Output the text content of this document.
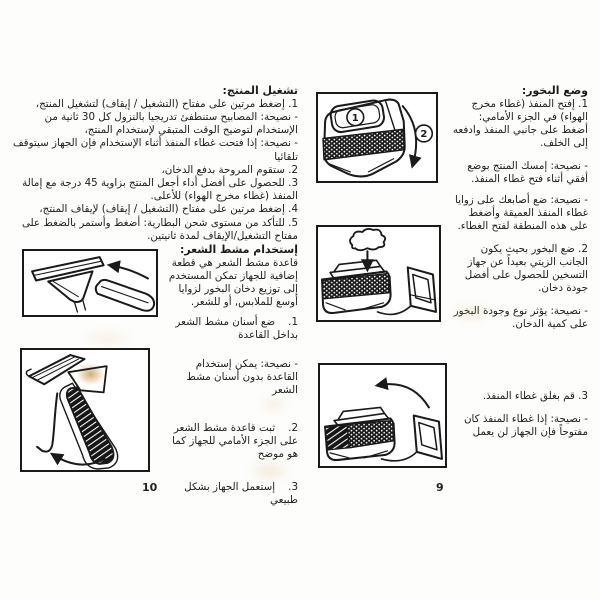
تشغيل المنتج:

1. إضغط مرتين على مفتاح (التشغيل / إيقاف) لتشغيل المنتج،

- نصيحة: المصابيح ستنطفئ تدريجيا بالنزول كل 30 ثانية من الإستخدام لتوضيح الوقت المتبقي لإستخدام المنتج،

- نصيحة: إذا فتحت غطاء المنفذ أثناء الإستخدام فإن الجهاز سيتوقف تلقائيا

2. ستقوم المروحة بدفع الدخان،

3. للحصول على أفضل أداء أجعل المنتج بزاوية 45 درجة مع إمالة المنفذ (غطاء مخرج الهواء) للأعلى.

4. إضغط مرتين على مفتاح (التشغيل / إيقاف) لإيقاف المنتج،

5. للتأكد من مستوى شحن البطارية: أضغط وأستمر بالضغط على مفتاح التشغيل/الإيقاف لمدة ثانيتين.

إستخدام مشط الشعر:

قاعدة مشط الشعر هي قطعة إضافية للجهاز تمكن المستخدم إلى توزيع دخان البخور لزوايا أوسع للملابس, أو للشعر.

1.    ضع أسنان مشط الشعر بداخل القاعدة

- نصيحة: يمكن إستخدام القاعدة بدون أسنان مشط الشعر

2.    ثبت قاعدة مشط الشعر على الجزء الأمامي للجهاز كما هو موضح

3.    إستعمل الجهاز بشكل طبيعي

10

وضع البخور:

1. إفتح المنفذ (غطاء مخرج الهواء) في الجزء الأمامي: أضغط على جانبي المنفذ وادفعه إلى الخلف.

- نصيحة: إمسك المنتج بوضع أفقي أثناء فتح غطاء المنفذ.

- نصيحة: ضع أصابعك على زوايا غطاء المنفذ العميقة وأضغط على هذه المنطقة لفتح الغطاء.

2. ضع البخور بحيث يكون الجانب الزيتي بعيداً عن جهاز التسخين للحصول على أفضل جودة دخان.

- نصيحة: يؤثر نوع وجودة البخور على كمية الدخان.

3. قم بغلق غطاء المنفذ.

- نصيحة: إذا غطاء المنفذ كان مفتوحاً فإن الجهاز لن يعمل

1
2
9
